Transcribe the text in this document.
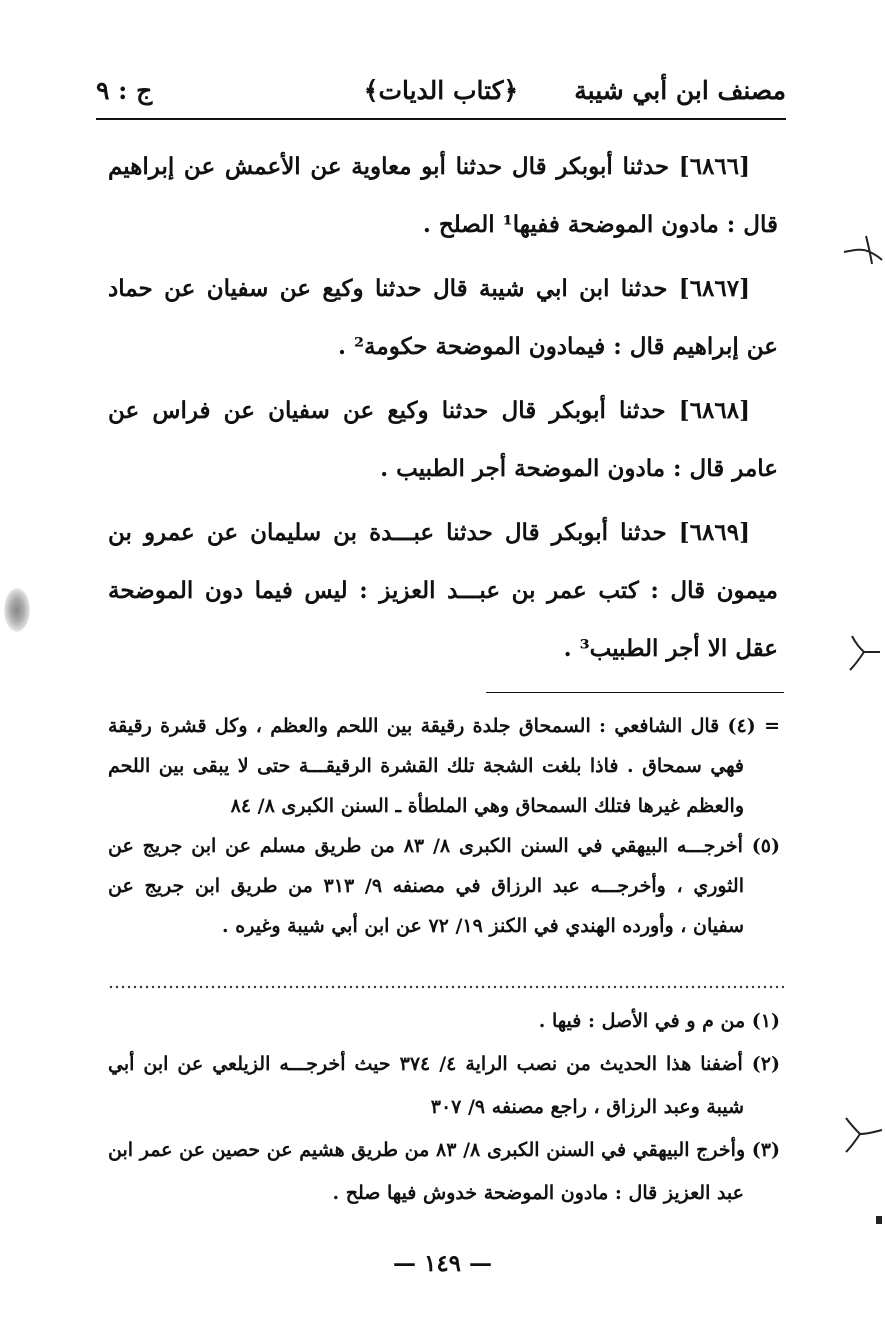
مصنف ابن أبي شيبة
﴿كتاب الديات﴾
ج : ٩

[٦٨٦٦] حدثنا أبوبكر قال حدثنا أبو معاوية عن الأعمش عن إبراهيم قال : مادون الموضحة ففيها¹ الصلح .

[٦٨٦٧] حدثنا ابن ابي شيبة قال حدثنا وكيع عن سفيان عن حماد عن إبراهيم قال : فيمادون الموضحة حكومة² .

[٦٨٦٨] حدثنا أبوبكر قال حدثنا وكيع عن سفيان عن فراس عن عامر قال : مادون الموضحة أجر الطبيب .

[٦٨٦٩] حدثنا أبوبكر قال حدثنا عبـــدة بن سليمان عن عمرو بن ميمون قال : كتب عمر بن عبـــد العزيز : ليس فيما دون الموضحة عقل الا أجر الطبيب³ .

= (٤) قال الشافعي : السمحاق جلدة رقيقة بين اللحم والعظم ، وكل قشرة رقيقة فهي سمحاق . فاذا بلغت الشجة تلك القشرة الرقيقـــة حتى لا يبقى بين اللحم والعظم غيرها فتلك السمحاق وهي الملطأة ـ السنن الكبرى ٨/ ٨٤

(٥) أخرجـــه البيهقي في السنن الكبرى ٨/ ٨٣ من طريق مسلم عن ابن جريج عن الثوري ، وأخرجـــه عبد الرزاق في مصنفه ٩/ ٣١٣ من طريق ابن جريج عن سفيان ، وأورده الهندي في الكنز ١٩/ ٧٢ عن ابن أبي شيبة وغيره .

(١) من م و في الأصل : فيها .

(٢) أضفنا هذا الحديث من نصب الراية ٤/ ٣٧٤ حيث أخرجـــه الزيلعي عن ابن أبي شيبة وعبد الرزاق ، راجع مصنفه ٩/ ٣٠٧

(٣) وأخرج البيهقي في السنن الكبرى ٨/ ٨٣ من طريق هشيم عن حصين عن عمر ابن عبد العزيز قال : مادون الموضحة خدوش فيها صلح .

— ١٤٩ —
